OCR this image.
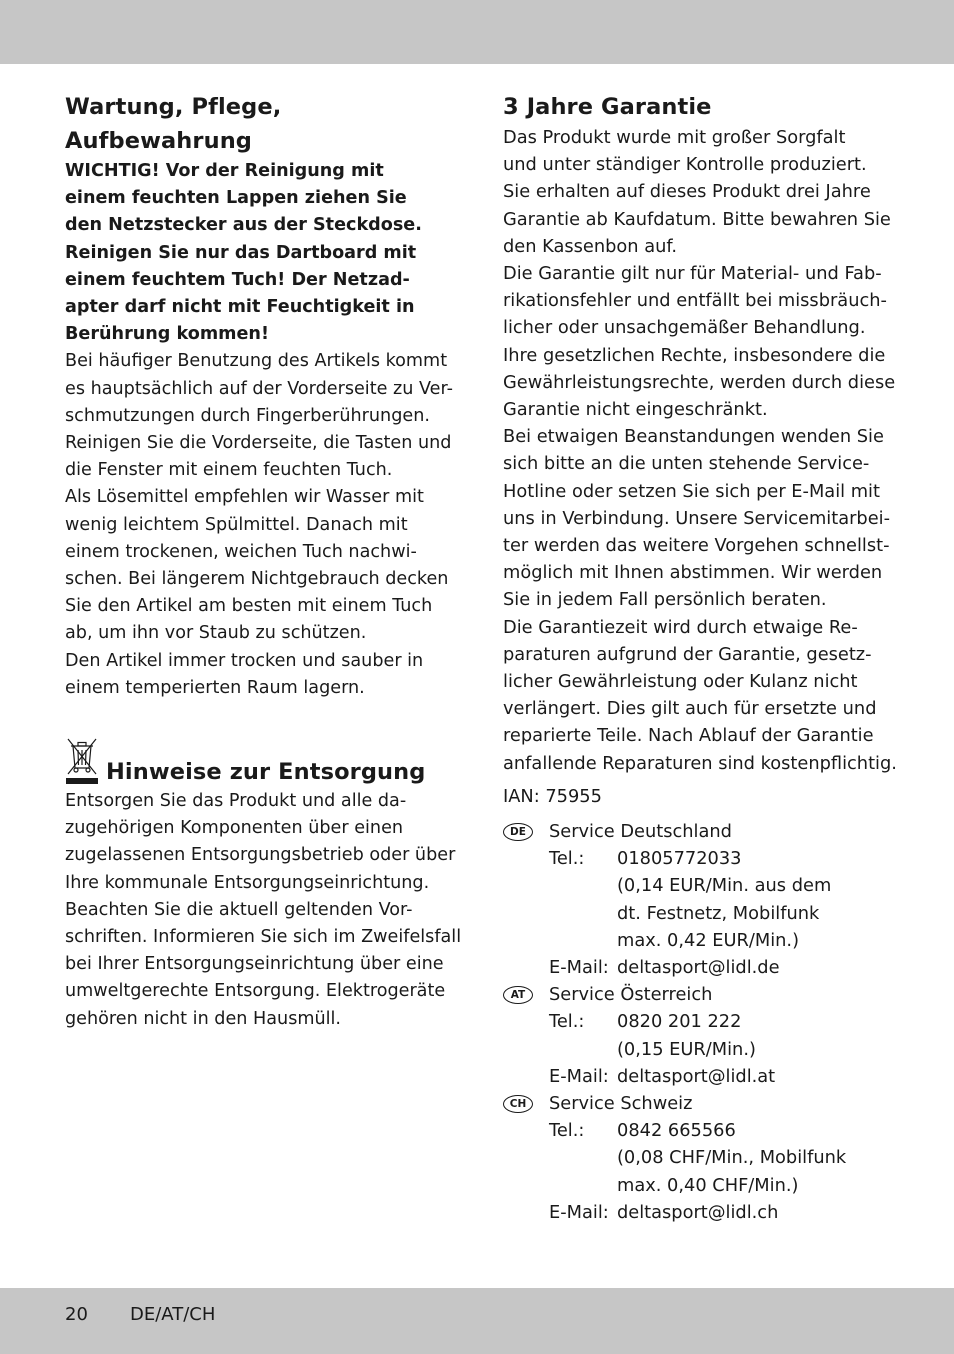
Wartung, Pflege,
Aufbewahrung
WICHTIG! Vor der Reinigung mit
einem feuchten Lappen ziehen Sie
den Netzstecker aus der Steckdose.
Reinigen Sie nur das Dartboard mit
einem feuchtem Tuch! Der Netzad-
apter darf nicht mit Feuchtigkeit in
Berührung kommen!
Bei häufiger Benutzung des Artikels kommt
es hauptsächlich auf der Vorderseite zu Ver-
schmutzungen durch Fingerberührungen.
Reinigen Sie die Vorderseite, die Tasten und
die Fenster mit einem feuchten Tuch.
Als Lösemittel empfehlen wir Wasser mit
wenig leichtem Spülmittel. Danach mit
einem trockenen, weichen Tuch nachwi-
schen. Bei längerem Nichtgebrauch decken
Sie den Artikel am besten mit einem Tuch
ab, um ihn vor Staub zu schützen.
Den Artikel immer trocken und sauber in
einem temperierten Raum lagern.
Hinweise zur Entsorgung
Entsorgen Sie das Produkt und alle da-
zugehörigen Komponenten über einen
zugelassenen Entsorgungsbetrieb oder über
Ihre kommunale Entsorgungseinrichtung.
Beachten Sie die aktuell geltenden Vor-
schriften. Informieren Sie sich im Zweifelsfall
bei Ihrer Entsorgungseinrichtung über eine
umweltgerechte Entsorgung. Elektrogeräte
gehören nicht in den Hausmüll.
3 Jahre Garantie
Das Produkt wurde mit großer Sorgfalt
und unter ständiger Kontrolle produziert.
Sie erhalten auf dieses Produkt drei Jahre
Garantie ab Kaufdatum. Bitte bewahren Sie
den Kassenbon auf.
Die Garantie gilt nur für Material- und Fab-
rikationsfehler und entfällt bei missbräuch-
licher oder unsachgemäßer Behandlung.
Ihre gesetzlichen Rechte, insbesondere die
Gewährleistungsrechte, werden durch diese
Garantie nicht eingeschränkt.
Bei etwaigen Beanstandungen wenden Sie
sich bitte an die unten stehende Service-
Hotline oder setzen Sie sich per E-Mail mit
uns in Verbindung. Unsere Servicemitarbei-
ter werden das weitere Vorgehen schnellst-
möglich mit Ihnen abstimmen. Wir werden
Sie in jedem Fall persönlich beraten.
Die Garantiezeit wird durch etwaige Re-
paraturen aufgrund der Garantie, gesetz-
licher Gewährleistung oder Kulanz nicht
verlängert. Dies gilt auch für ersetzte und
reparierte Teile. Nach Ablauf der Garantie
anfallende Reparaturen sind kostenpflichtig.
IAN: 75955
DE	Service Deutschland
Tel.: 01805772033
(0,14 EUR/Min. aus dem
dt. Festnetz, Mobilfunk
max. 0,42 EUR/Min.)
E-Mail: deltasport@lidl.de
AT	Service Österreich
Tel.: 0820 201 222
(0,15 EUR/Min.)
E-Mail: deltasport@lidl.at
CH	Service Schweiz
Tel.: 0842 665566
(0,08 CHF/Min., Mobilfunk
max. 0,40 CHF/Min.)
E-Mail: deltasport@lidl.ch
20 DE/AT/CH
